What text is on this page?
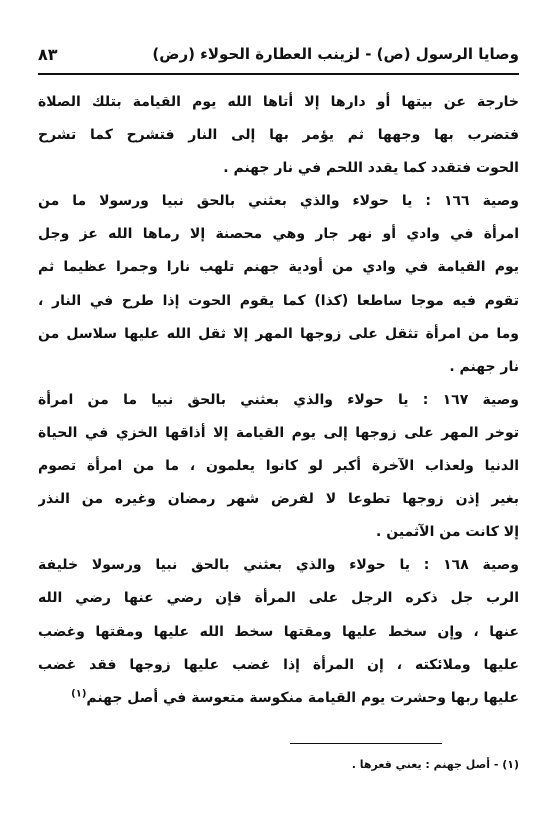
وصايا الرسول (ص) - لزينب العطارة الحولاء (رض)
٨٣
خارجة عن بيتها أو دارها إلا أتاها الله يوم القيامة بتلك الصلاة
فتضرب بها وجهها ثم يؤمر بها إلى النار فتشرح كما تشرح
الحوت فتقدد كما يقدد اللحم في نار جهنم .
وصية ١٦٦ : يا حولاء والذي بعثني بالحق نبيا ورسولا ما من
امرأة في وادي أو نهر جار وهي محصنة إلا رماها الله عز وجل
يوم القيامة في وادي من أودية جهنم تلهب نارا وجمرا عظيما ثم
تقوم فيه موجا ساطعا (كذا) كما يقوم الحوت إذا طرح في النار ،
وما من امرأة تثقل على زوجها المهر إلا ثقل الله عليها سلاسل من
نار جهنم .
وصية ١٦٧ : يا حولاء والذي بعثني بالحق نبيا ما من امرأة
توخر المهر على زوجها إلى يوم القيامة إلا أذاقها الخزي في الحياة
الدنيا ولعذاب الآخرة أكبر لو كانوا يعلمون ، ما من امرأة تصوم
بغير إذن زوجها تطوعا لا لفرض شهر رمضان وغيره من النذر
إلا كانت من الآثمين .
وصية ١٦٨ : يا حولاء والذي بعثني بالحق نبيا ورسولا خليفة
الرب جل ذكره الرجل على المرأة فإن رضي عنها رضي الله
عنها ، وإن سخط عليها ومقتها سخط الله عليها ومقتها وغضب
عليها وملائكته ، إن المرأة إذا غضب عليها زوجها فقد غضب
عليها ربها وحشرت يوم القيامة منكوسة متعوسة في أصل جهنم$^{(١)}$
(١) - أصل جهنم : يعني قعرها .
